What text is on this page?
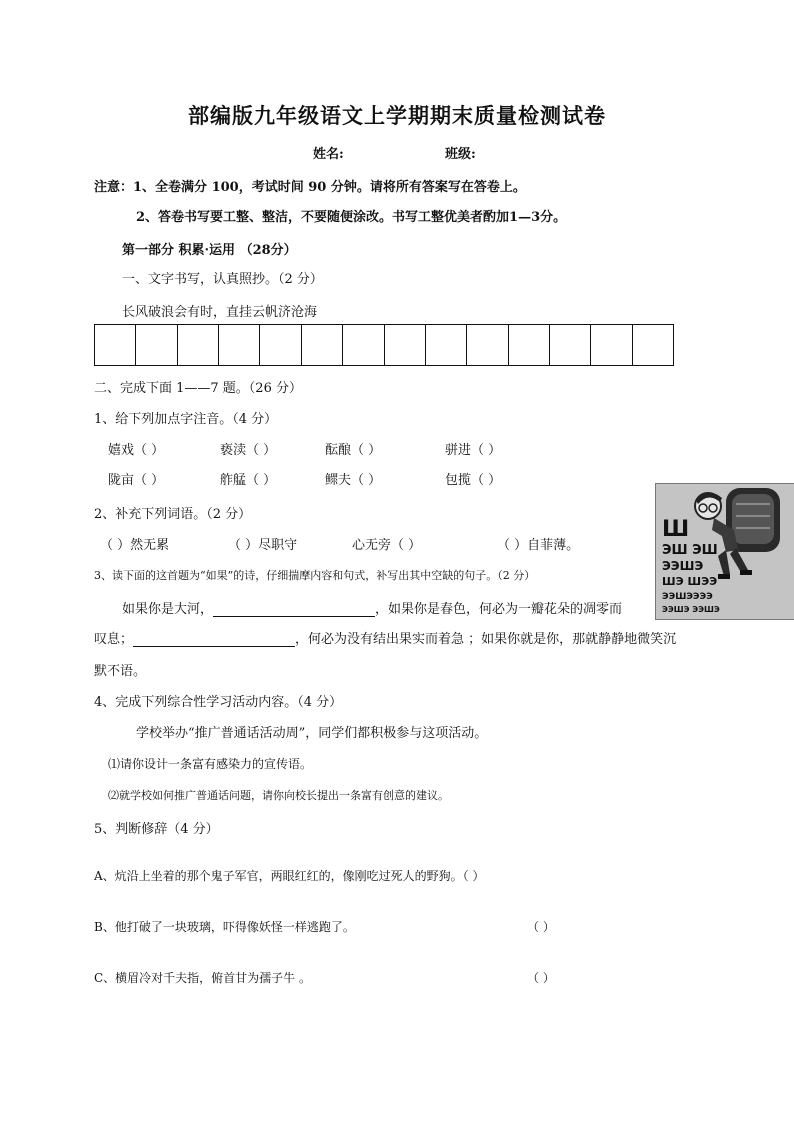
部编版九年级语文上学期期末质量检测试卷
姓名:	班级:
注意：1、全卷满分 100，考试时间 90 分钟。请将所有答案写在答卷上。
2、答卷书写要工整、整洁，不要随便涂改。书写工整优美者酌加1—3分。
第一部分 积累·运用 （28分）
一、文字书写，认真照抄。（2 分）
长风破浪会有时，直挂云帆济沧海
二、完成下面 1——7 题。（26 分）
1、给下列加点字注音。（4 分）
嬉戏（ ）	亵渎（ ）	酝酿（ ）	骈进（ ）
陇亩（ ）	舴艋（ ）	鳏夫（ ）	包揽（ ）
2、补充下列词语。（2 分）
（ ）然无累	（ ）尽职守	心无旁（ ）	（ ）自菲薄。
3、读下面的这首题为“如果”的诗，仔细揣摩内容和句式，补写出其中空缺的句子。（2 分）
如果你是大河，	，如果你是春色，何必为一瓣花朵的凋零而
叹息；	，何必为没有结出果实而着急 ；如果你就是你，那就静静地微笑沉
默不语。
4、完成下列综合性学习活动内容。（4 分）
学校举办“推广普通话活动周”，同学们都积极参与这项活动。
⑴请你设计一条富有感染力的宣传语。
⑵就学校如何推广普通话问题，请你向校长提出一条富有创意的建议。
5、判断修辞（4 分）
A、炕沿上坐着的那个鬼子军官，两眼红红的，像刚吃过死人的野狗。（ ）
B、他打破了一块玻璃，吓得像妖怪一样逃跑了。	（ ）
C、横眉冷对千夫指，俯首甘为孺子牛 。	（ ）
Ш
ЭШ ЭШ
ЭЭШЭ
ШЭ ШЭЭ
ЭЭШЭЭЭЭ
ЭЭШЭ ЭЭШЭ
